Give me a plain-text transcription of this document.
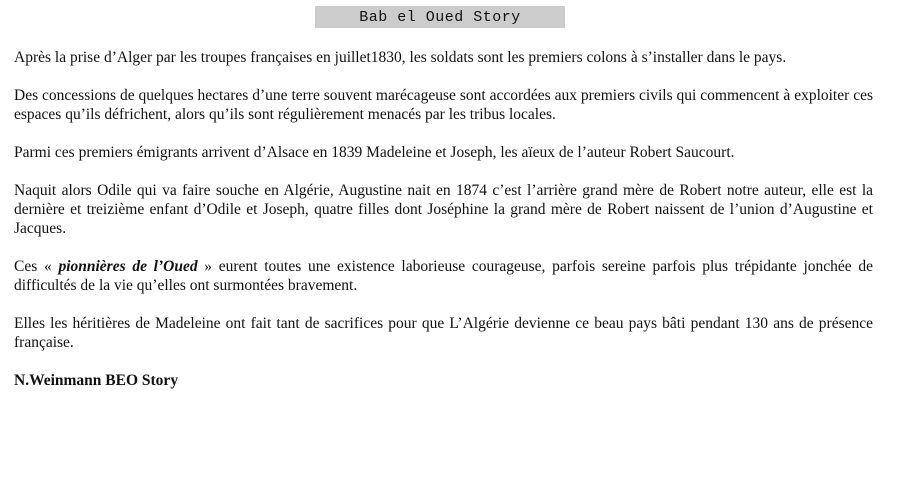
Bab el Oued Story

Après la prise d’Alger par les troupes françaises en juillet1830, les soldats sont les premiers colons à s’installer dans le pays.

Des concessions de quelques hectares d’une terre souvent marécageuse sont accordées aux premiers civils qui commencent à exploiter ces espaces qu’ils défrichent, alors qu’ils sont régulièrement menacés par les tribus locales.

Parmi ces premiers émigrants arrivent d’Alsace en 1839 Madeleine et Joseph, les aïeux de l’auteur Robert Saucourt.

Naquit alors Odile qui va faire souche en Algérie, Augustine nait en 1874 c’est l’arrière grand mère de Robert notre auteur, elle est la dernière et treizième enfant d’Odile et Joseph, quatre filles dont Joséphine la grand mère de Robert naissent de l’union d’Augustine et Jacques.

Ces « pionnières de l’Oued » eurent toutes une existence laborieuse courageuse, parfois sereine parfois plus trépidante jonchée de difficultés de la vie qu’elles ont surmontées bravement.

Elles les héritières de Madeleine ont fait tant de sacrifices pour que L’Algérie devienne ce beau pays bâti pendant 130 ans de présence française.

N.Weinmann BEO Story
